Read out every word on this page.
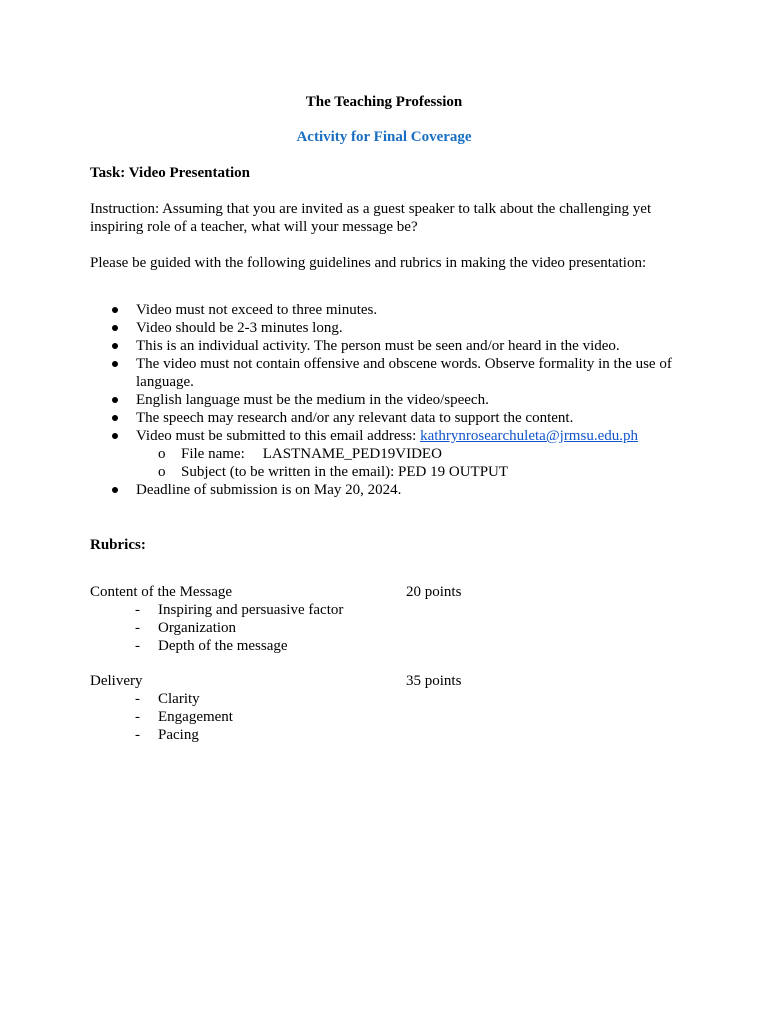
The Teaching Profession
Activity for Final Coverage
Task: Video Presentation
Instruction: Assuming that you are invited as a guest speaker to talk about the challenging yet inspiring role of a teacher, what will your message be?
Please be guided with the following guidelines and rubrics in making the video presentation:
Video must not exceed to three minutes.
Video should be 2-3 minutes long.
This is an individual activity. The person must be seen and/or heard in the video.
The video must not contain offensive and obscene words. Observe formality in the use of language.
English language must be the medium in the video/speech.
The speech may research and/or any relevant data to support the content.
Video must be submitted to this email address: kathrynrosearchuleta@jrmsu.edu.ph
o File name: LASTNAME_PED19VIDEO
o Subject (to be written in the email): PED 19 OUTPUT
Deadline of submission is on May 20, 2024.
Rubrics:
Content of the Message	20 points
- Inspiring and persuasive factor
- Organization
- Depth of the message
Delivery	35 points
- Clarity
- Engagement
- Pacing
